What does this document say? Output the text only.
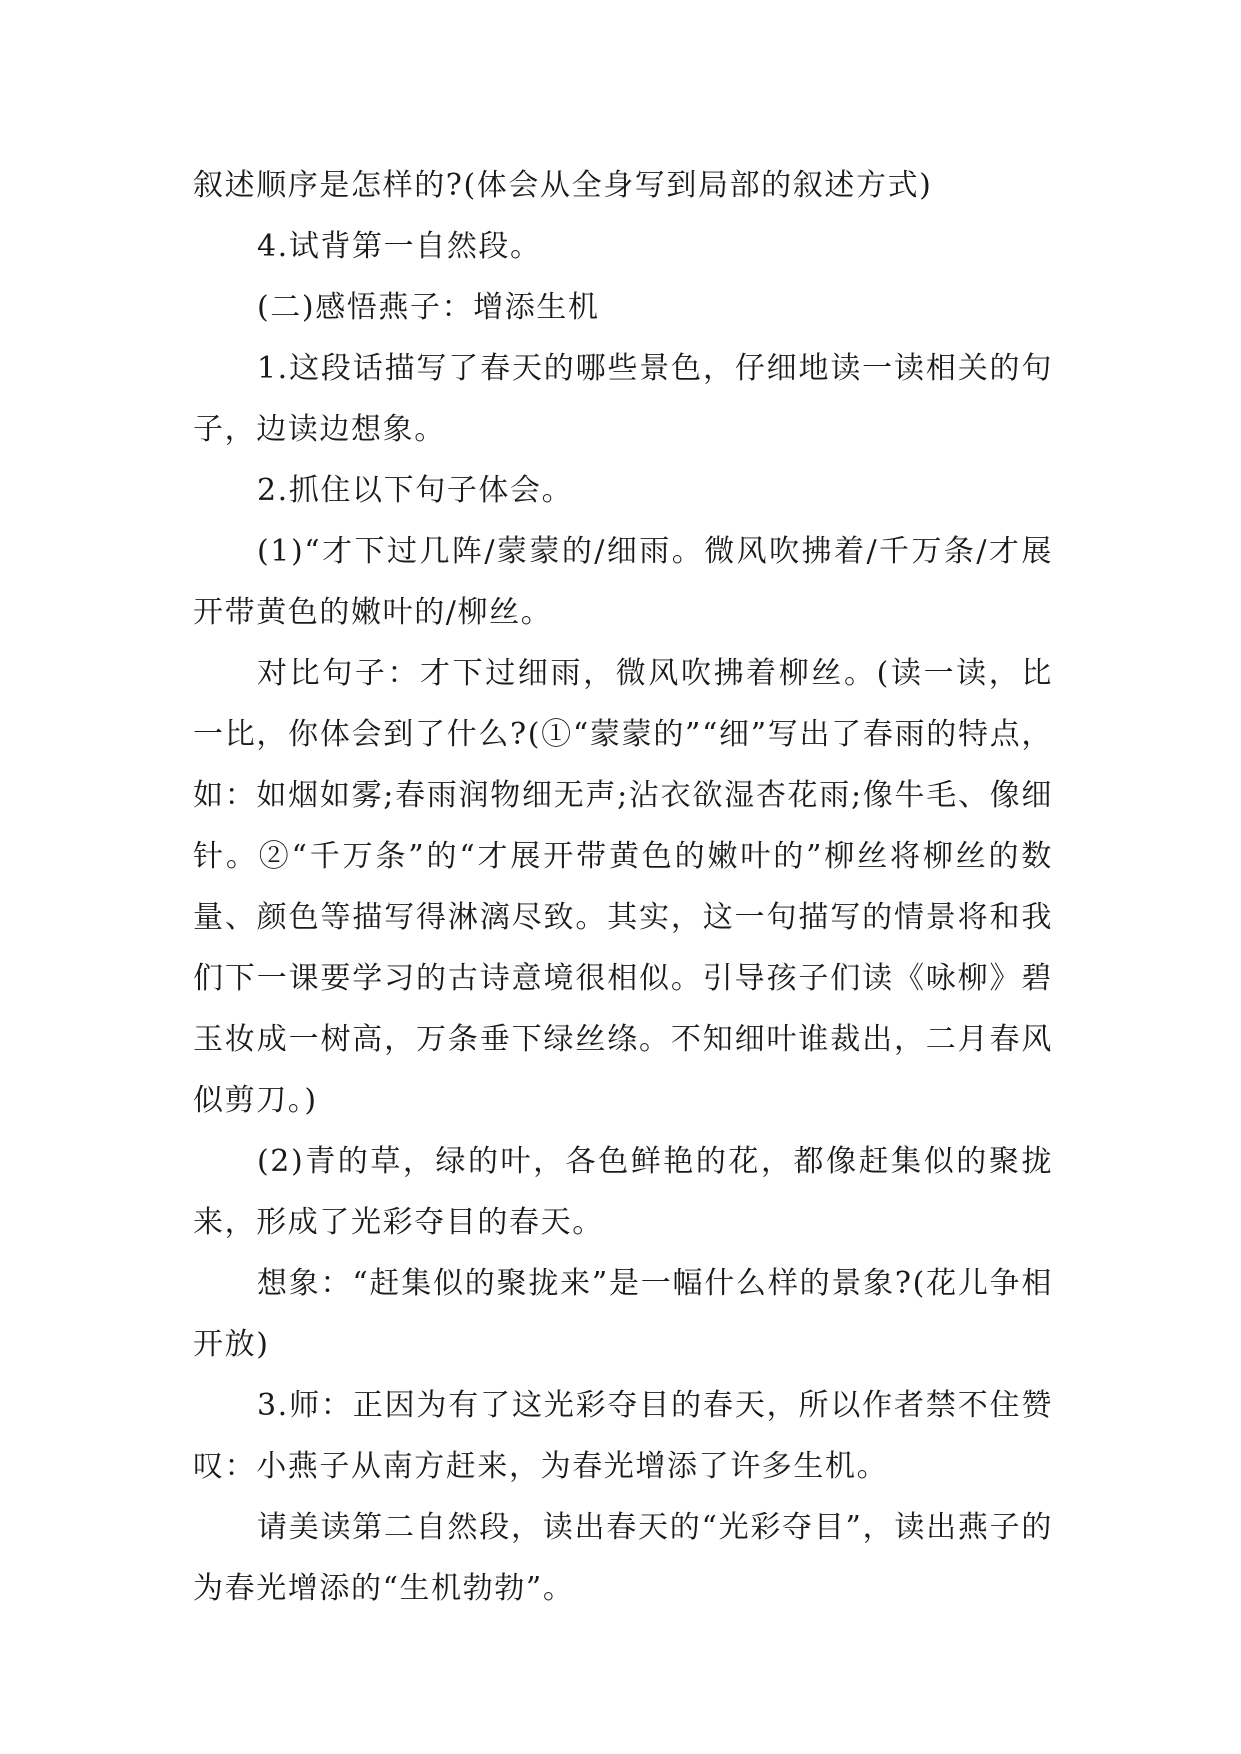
叙述顺序是怎样的?(体会从全身写到局部的叙述方式)

4.试背第一自然段。

(二)感悟燕子：增添生机

1.这段话描写了春天的哪些景色，仔细地读一读相关的句子，边读边想象。

2.抓住以下句子体会。

(1)“才下过几阵/蒙蒙的/细雨。微风吹拂着/千万条/才展开带黄色的嫩叶的/柳丝。

对比句子：才下过细雨，微风吹拂着柳丝。(读一读，比一比，你体会到了什么?(①“蒙蒙的”“细”写出了春雨的特点，如：如烟如雾;春雨润物细无声;沾衣欲湿杏花雨;像牛毛、像细针。②“千万条”的“才展开带黄色的嫩叶的”柳丝将柳丝的数量、颜色等描写得淋漓尽致。其实，这一句描写的情景将和我们下一课要学习的古诗意境很相似。引导孩子们读《咏柳》碧玉妆成一树高，万条垂下绿丝绦。不知细叶谁裁出，二月春风似剪刀。)

(2)青的草，绿的叶，各色鲜艳的花，都像赶集似的聚拢来，形成了光彩夺目的春天。

想象：“赶集似的聚拢来”是一幅什么样的景象?(花儿争相开放)

3.师：正因为有了这光彩夺目的春天，所以作者禁不住赞叹：小燕子从南方赶来，为春光增添了许多生机。

请美读第二自然段，读出春天的“光彩夺目”，读出燕子的为春光增添的“生机勃勃”。
